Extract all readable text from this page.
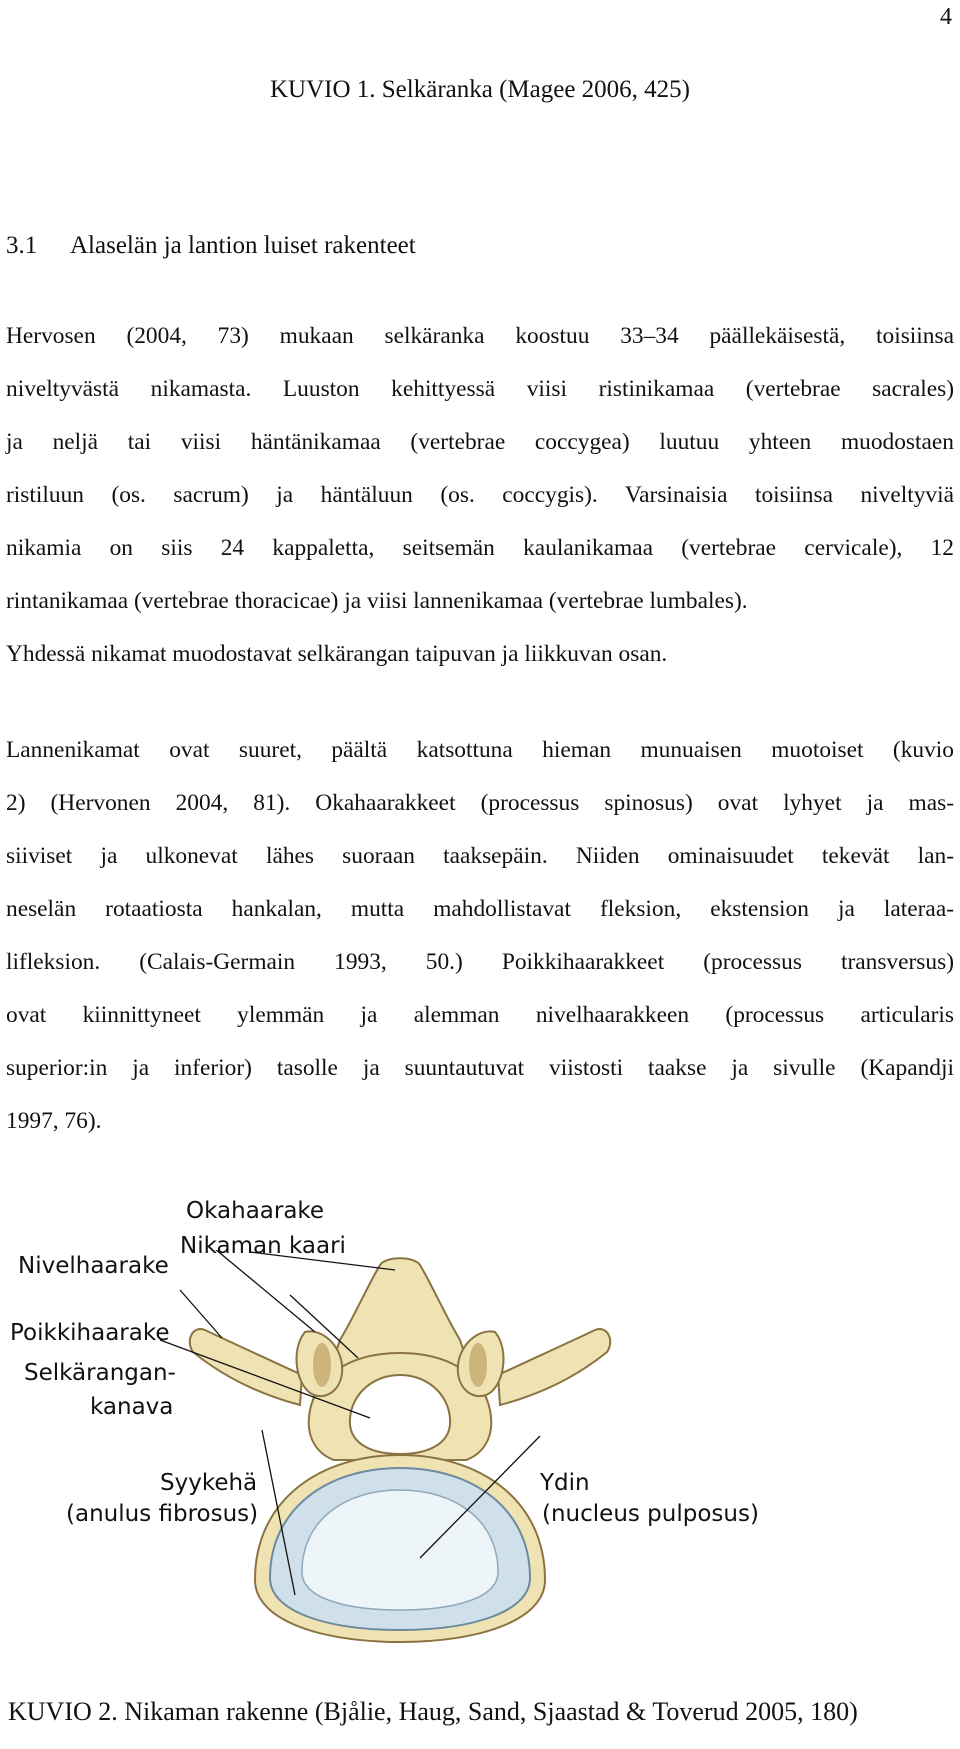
4
KUVIO 1. Selkäranka (Magee 2006, 425)
3.1 Alaselän ja lantion luiset rakenteet

Hervosen (2004, 73) mukaan selkäranka koostuu 33–34 päällekäisestä, toisiinsa
niveltyvästä nikamasta. Luuston kehittyessä viisi ristinikamaa (vertebrae sacrales)
ja neljä tai viisi häntänikamaa (vertebrae coccygea) luutuu yhteen muodostaen
ristiluun (os. sacrum) ja häntäluun (os. coccygis). Varsinaisia toisiinsa niveltyviä
nikamia on siis 24 kappaletta, seitsemän kaulanikamaa (vertebrae cervicale), 12
rintanikamaa (vertebrae thoracicae) ja viisi lannenikamaa (vertebrae lumbales).
Yhdessä nikamat muodostavat selkärangan taipuvan ja liikkuvan osan.

Lannenikamat ovat suuret, päältä katsottuna hieman munuaisen muotoiset (kuvio
2) (Hervonen 2004, 81). Okahaarakkeet (processus spinosus) ovat lyhyet ja mas-
siiviset ja ulkonevat lähes suoraan taaksepäin. Niiden ominaisuudet tekevät lan-
neselän rotaatiosta hankalan, mutta mahdollistavat fleksion, ekstension ja lateraa-
lifleksion. (Calais-Germain 1993, 50.) Poikkihaarakkeet (processus transversus)
ovat kiinnittyneet ylemmän ja alemman nivelhaarakkeen (processus articularis
superior:in ja inferior) tasolle ja suuntautuvat viistosti taakse ja sivulle (Kapandji
1997, 76).

Okahaarake
Nikaman kaari
Nivelhaarake
Poikkihaarake
Selkärangan-
kanava
Syykehä
(anulus fibrosus)
Ydin
(nucleus pulposus)
KUVIO 2. Nikaman rakenne (Bjålie, Haug, Sand, Sjaastad & Toverud 2005, 180)
